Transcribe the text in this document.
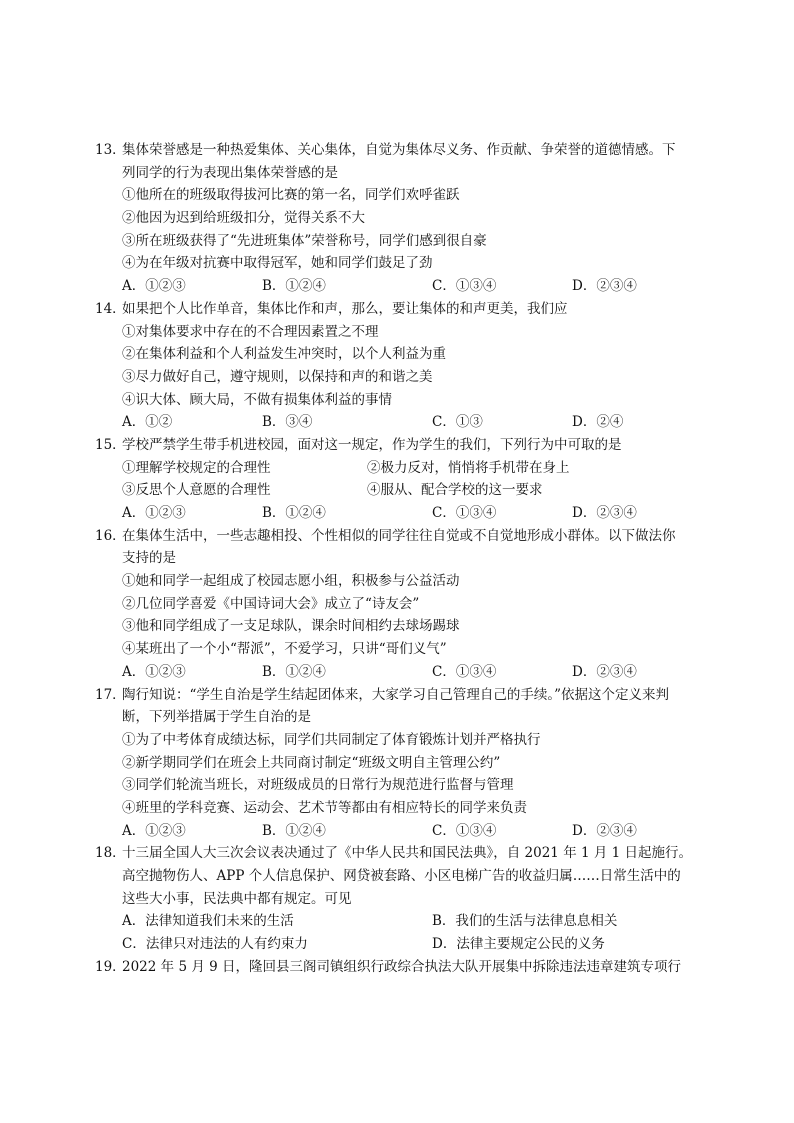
13．
集体荣誉感是一种热爱集体、关心集体，自觉为集体尽义务、作贡献、争荣誉的道德情感。下
列同学的行为表现出集体荣誉感的是
①他所在的班级取得拔河比赛的第一名，同学们欢呼雀跃
②他因为迟到给班级扣分，觉得关系不大
③所在班级获得了“先进班集体”荣誉称号，同学们感到很自豪
④为在年级对抗赛中取得冠军，她和同学们鼓足了劲
A．①②③	B．①②④	C．①③④	D．②③④
14．
如果把个人比作单音，集体比作和声，那么，要让集体的和声更美，我们应
①对集体要求中存在的不合理因素置之不理
②在集体利益和个人利益发生冲突时，以个人利益为重
③尽力做好自己，遵守规则，以保持和声的和谐之美
④识大体、顾大局，不做有损集体利益的事情
A．①②	B．③④	C．①③	D．②④
15．
学校严禁学生带手机进校园，面对这一规定，作为学生的我们，下列行为中可取的是
①理解学校规定的合理性	②极力反对，悄悄将手机带在身上
③反思个人意愿的合理性	④服从、配合学校的这一要求
A．①②③	B．①②④	C．①③④	D．②③④
16．
在集体生活中，一些志趣相投、个性相似的同学往往自觉或不自觉地形成小群体。以下做法你
支持的是
①她和同学一起组成了校园志愿小组，积极参与公益活动
②几位同学喜爱《中国诗词大会》成立了“诗友会”
③他和同学组成了一支足球队，课余时间相约去球场踢球
④某班出了一个小“帮派”，不爱学习，只讲“哥们义气”
A．①②③	B．①②④	C．①③④	D．②③④
17．
陶行知说：“学生自治是学生结起团体来，大家学习自己管理自己的手续。”依据这个定义来判
断，下列举措属于学生自治的是
①为了中考体育成绩达标，同学们共同制定了体育锻炼计划并严格执行
②新学期同学们在班会上共同商讨制定“班级文明自主管理公约”
③同学们轮流当班长，对班级成员的日常行为规范进行监督与管理
④班里的学科竞赛、运动会、艺术节等都由有相应特长的同学来负责
A．①②③	B．①②④	C．①③④	D．②③④
18．
十三届全国人大三次会议表决通过了《中华人民共和国民法典》，自 2021 年 1 月 1 日起施行。
高空抛物伤人、APP 个人信息保护、网贷被套路、小区电梯广告的收益归属……日常生活中的
这些大小事，民法典中都有规定。可见
A．法律知道我们未来的生活	B．我们的生活与法律息息相关
C．法律只对违法的人有约束力	D．法律主要规定公民的义务
19．
2022 年 5 月 9 日，隆回县三阁司镇组织行政综合执法大队开展集中拆除违法违章建筑专项行
